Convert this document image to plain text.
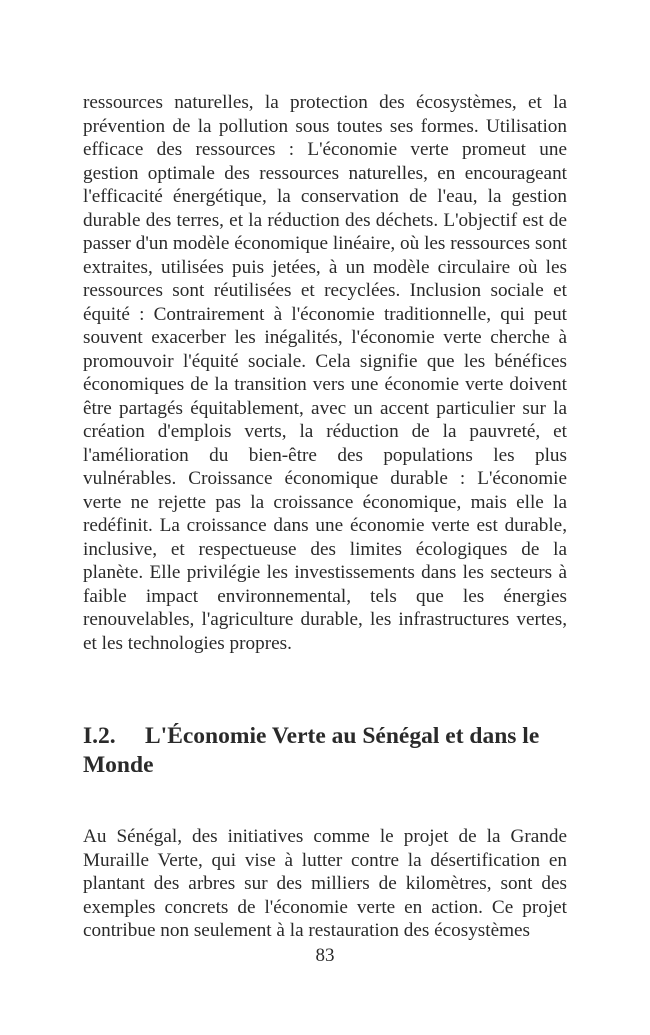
ressources naturelles, la protection des écosystèmes, et la prévention de la pollution sous toutes ses formes. Utilisation efficace des ressources : L'économie verte promeut une gestion optimale des ressources naturelles, en encourageant l'efficacité énergétique, la conservation de l'eau, la gestion durable des terres, et la réduction des déchets. L'objectif est de passer d'un modèle économique linéaire, où les ressources sont extraites, utilisées puis jetées, à un modèle circulaire où les ressources sont réutilisées et recyclées. Inclusion sociale et équité : Contrairement à l'économie traditionnelle, qui peut souvent exacerber les inégalités, l'économie verte cherche à promouvoir l'équité sociale. Cela signifie que les bénéfices économiques de la transition vers une économie verte doivent être partagés équitablement, avec un accent particulier sur la création d'emplois verts, la réduction de la pauvreté, et l'amélioration du bien-être des populations les plus vulnérables. Croissance économique durable : L'économie verte ne rejette pas la croissance économique, mais elle la redéfinit. La croissance dans une économie verte est durable, inclusive, et respectueuse des limites écologiques de la planète. Elle privilégie les investissements dans les secteurs à faible impact environnemental, tels que les énergies renouvelables, l'agriculture durable, les infrastructures vertes, et les technologies propres.

I.2. L'Économie Verte au Sénégal et dans le Monde

Au Sénégal, des initiatives comme le projet de la Grande Muraille Verte, qui vise à lutter contre la désertification en plantant des arbres sur des milliers de kilomètres, sont des exemples concrets de l'économie verte en action. Ce projet contribue non seulement à la restauration des écosystèmes

83
